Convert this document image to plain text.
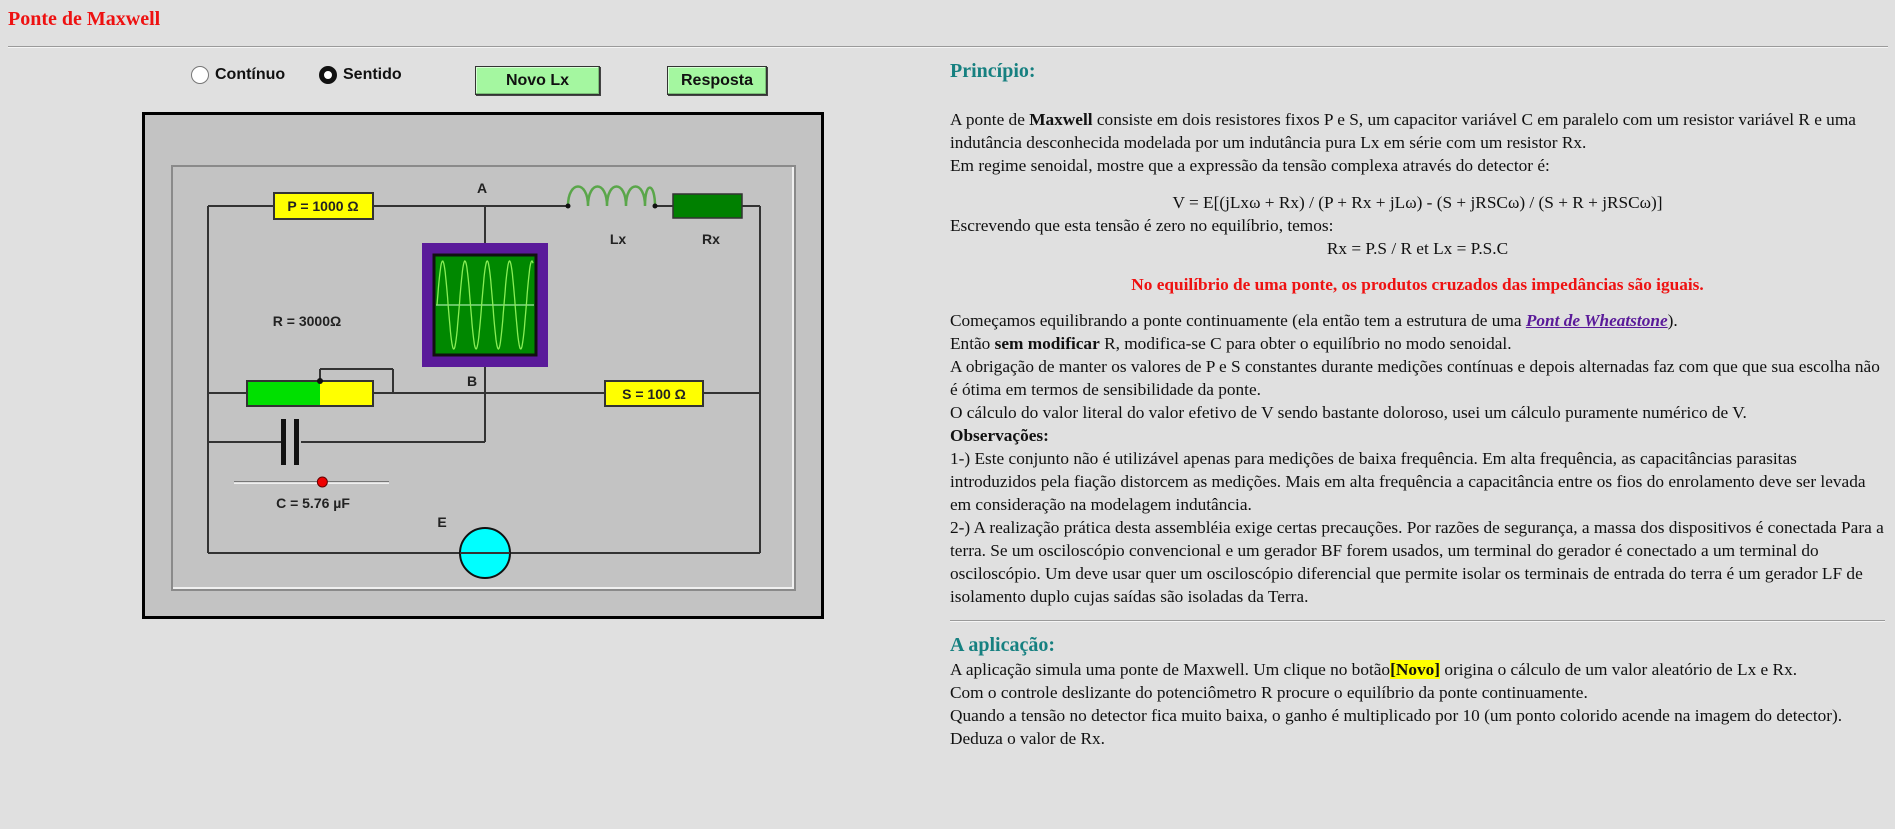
Ponte de Maxwell
Contínuo	Sentido	Novo Lx	Resposta
P = 1000 Ω
A
Lx	Rx
R = 3000Ω
B
S = 100 Ω
C = 5.76 µF
E
Princípio:

A ponte de Maxwell consiste em dois resistores fixos P e S, um capacitor variável C em paralelo com um resistor variável R e uma indutância desconhecida modelada por um indutância pura Lx em série com um resistor Rx.

Em regime senoidal, mostre que a expressão da tensão complexa através do detector é:

V = E[(jLxω + Rx) / (P + Rx + jLω) - (S + jRSCω) / (S + R + jRSCω)]

Escrevendo que esta tensão é zero no equilíbrio, temos:

Rx = P.S / R et Lx = P.S.C

No equilíbrio de uma ponte, os produtos cruzados das impedâncias são iguais.

Começamos equilibrando a ponte continuamente (ela então tem a estrutura de uma Pont de Wheatstone).

Então sem modificar R, modifica-se C para obter o equilíbrio no modo senoidal.

A obrigação de manter os valores de P e S constantes durante medições contínuas e depois alternadas faz com que que sua escolha não é ótima em termos de sensibilidade da ponte.

O cálculo do valor literal do valor efetivo de V sendo bastante doloroso, usei um cálculo puramente numérico de V.

Observações:

1-) Este conjunto não é utilizável apenas para medições de baixa frequência. Em alta frequência, as capacitâncias parasitas introduzidos pela fiação distorcem as medições. Mais em alta frequência a capacitância entre os fios do enrolamento deve ser levada em consideração na modelagem indutância.

2-) A realização prática desta assembléia exige certas precauções. Por razões de segurança, a massa dos dispositivos é conectada Para a terra. Se um osciloscópio convencional e um gerador BF forem usados, um terminal do gerador é conectado a um terminal do osciloscópio. Um deve usar quer um osciloscópio diferencial que permite isolar os terminais de entrada do terra é um gerador LF de isolamento duplo cujas saídas são isoladas da Terra.

A aplicação:

A aplicação simula uma ponte de Maxwell. Um clique no botão[Novo] origina o cálculo de um valor aleatório de Lx e Rx.

Com o controle deslizante do potenciômetro R procure o equilíbrio da ponte continuamente.

Quando a tensão no detector fica muito baixa, o ganho é multiplicado por 10 (um ponto colorido acende na imagem do detector).

Deduza o valor de Rx.
